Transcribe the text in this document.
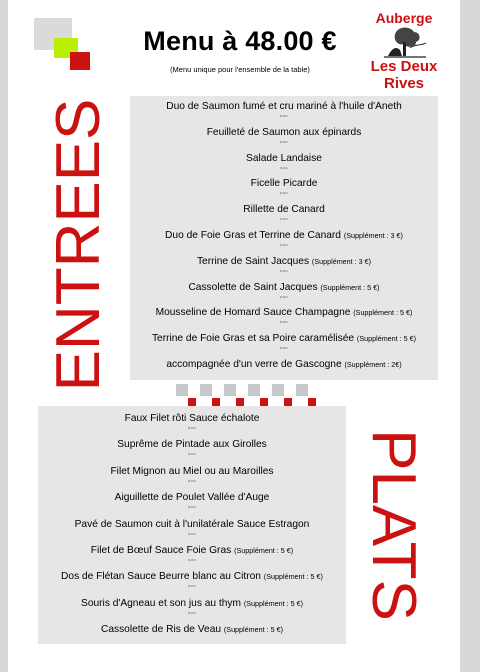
Menu à 48.00 €
(Menu unique pour l'ensemble de la table)
Auberge
Les Deux Rives
ENTREES	Duo de Saumon fumé et cru mariné à l'huile d'Aneth
ooo
Feuilleté de Saumon aux épinards
ooo
Salade Landaise
ooo
Ficelle Picarde
ooo
Rillette de Canard
ooo
Duo de Foie Gras et Terrine de Canard (Supplément : 3 €)
ooo
Terrine de Saint Jacques (Supplément : 3 €)
ooo
Cassolette de Saint Jacques (Supplément : 5 €)
ooo
Mousseline de Homard Sauce Champagne (Supplément : 5 €)
ooo
Terrine de Foie Gras et sa Poire caramélisée (Supplément : 5 €)
ooo
accompagnée d'un verre de Gascogne (Supplément : 2€)
Faux Filet rôti Sauce échalote
ooo
Suprême de Pintade aux Girolles
ooo
Filet Mignon au Miel ou au Maroilles
ooo
Aiguillette de Poulet Vallée d'Auge
ooo
Pavé de Saumon cuit à l'unilatérale Sauce Estragon
ooo
Filet de Bœuf Sauce Foie Gras (Supplément : 5 €)
ooo
Dos de Flétan Sauce Beurre blanc au Citron (Supplément : 5 €)
ooo
Souris d'Agneau et son jus au thym (Supplément : 5 €)
ooo
Cassolette de Ris de Veau (Supplément : 5 €)
PLATS
